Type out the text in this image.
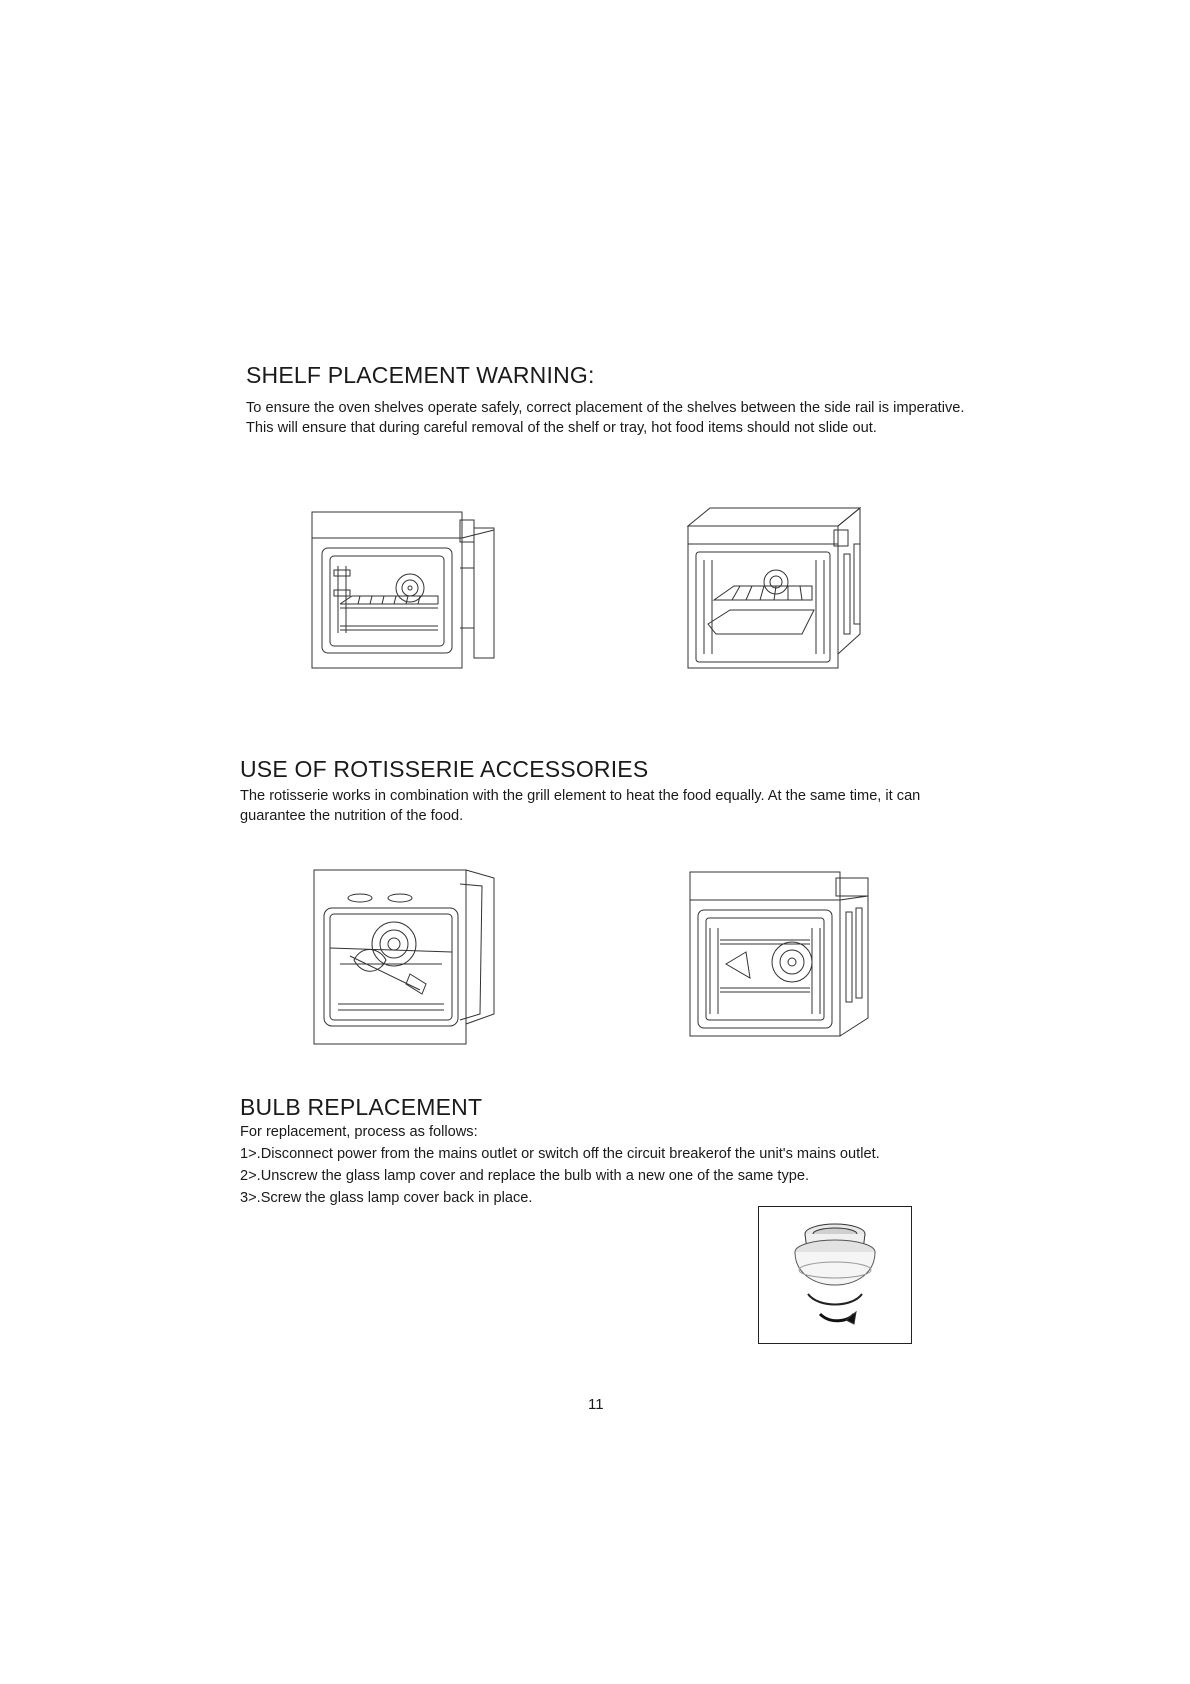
SHELF PLACEMENT WARNING:

To ensure the oven shelves operate safely, correct placement of the shelves between the side rail is imperative. This will ensure that during careful removal of the shelf or tray, hot food items should not slide out.

USE OF ROTISSERIE ACCESSORIES

The rotisserie works in combination with the grill element to heat the food equally. At the same time, it can guarantee the nutrition of the food.

BULB REPLACEMENT

For replacement, process as follows:

1>.Disconnect power from the mains outlet or switch off the circuit breakerof the unit's mains outlet.

2>.Unscrew the glass lamp cover and replace the bulb with a new one of the same type.

3>.Screw the glass lamp cover back in place.

11
